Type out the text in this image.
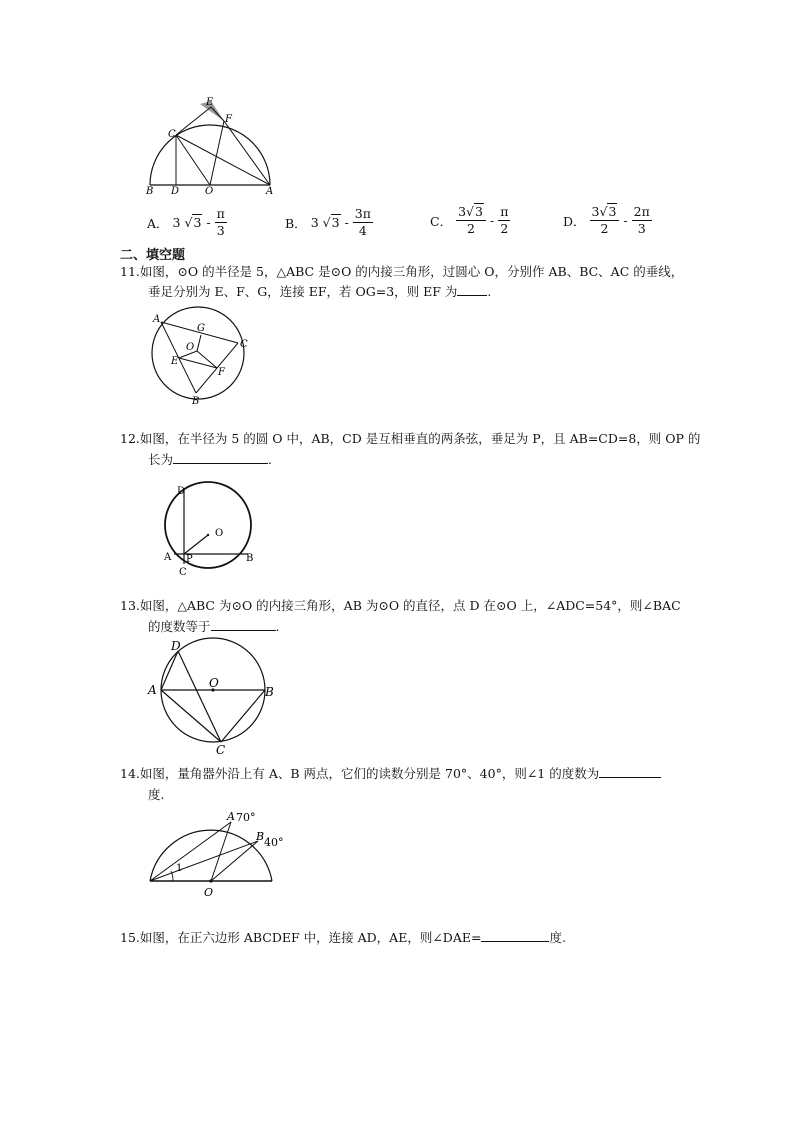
E
C
F
B D	O	A
A． 3 $√3 - \frac{\pi}{3}$	B． 3 $√3 - \frac{3\pi}{4}$	C． $\frac{3√3}{2} - \frac{\pi}{2}$	D． $\frac{3√3}{2} - \frac{2\pi}{3}$
二、填空题
11.如图，⊙O 的半径是 5，△ABC 是⊙O 的内接三角形，过圆心 O，分别作 AB、BC、AC 的垂线，
垂足分别为 E、F、G，连接 EF，若 OG=3，则 EF 为 .
A
G
O	C
E
F
B
12.如图，在半径为 5 的圆 O 中，AB，CD 是互相垂直的两条弦，垂足为 P，且 AB=CD=8，则 OP 的
长为	.
D
O
A P	B
C
13.如图，△ABC 为⊙O 的内接三角形，AB 为⊙O 的直径，点 D 在⊙O 上，∠ADC=54°，则∠BAC
的度数等于	.
D
O
A	B
C
14.如图，量角器外沿上有 A、B 两点，它们的读数分别是 70°、40°，则∠1 的度数为
度.
A 70°
B 40°
1
O
15.如图，在正六边形 ABCDEF 中，连接 AD，AE，则∠DAE=	度.
